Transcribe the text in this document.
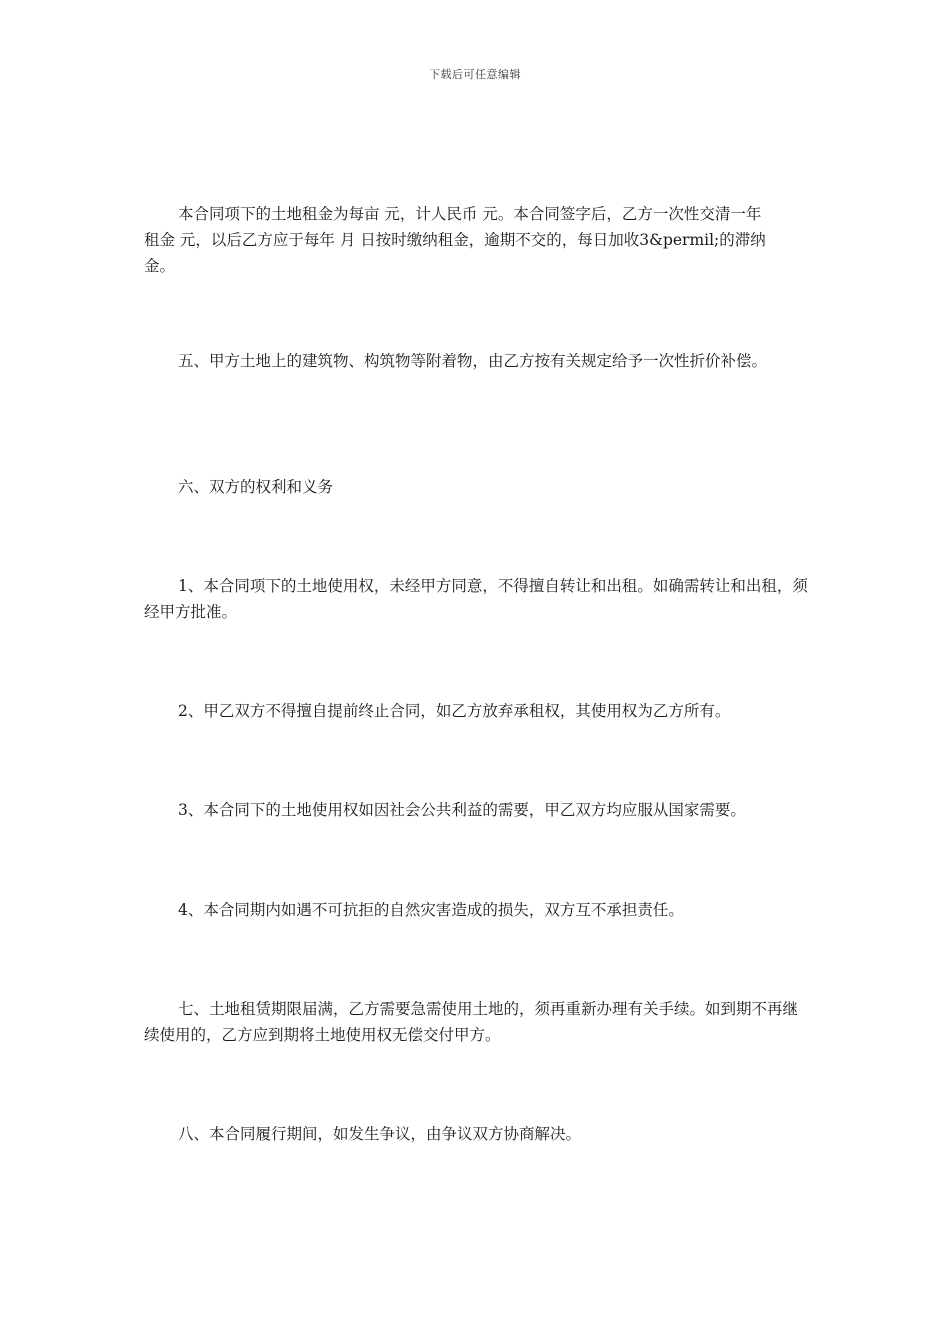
下载后可任意编辑
本合同项下的土地租金为每亩 元，计人民币 元。本合同签字后，乙方一次性交清一年租金 元，以后乙方应于每年 月 日按时缴纳租金，逾期不交的，每日加收3&permil;的滞纳金。
五、甲方土地上的建筑物、构筑物等附着物，由乙方按有关规定给予一次性折价补偿。
六、双方的权利和义务
1、本合同项下的土地使用权，未经甲方同意，不得擅自转让和出租。如确需转让和出租，须经甲方批准。
2、甲乙双方不得擅自提前终止合同，如乙方放弃承租权，其使用权为乙方所有。
3、本合同下的土地使用权如因社会公共利益的需要，甲乙双方均应服从国家需要。
4、本合同期内如遇不可抗拒的自然灾害造成的损失，双方互不承担责任。
七、土地租赁期限届满，乙方需要急需使用土地的，须再重新办理有关手续。如到期不再继续使用的，乙方应到期将土地使用权无偿交付甲方。
八、本合同履行期间，如发生争议，由争议双方协商解决。
